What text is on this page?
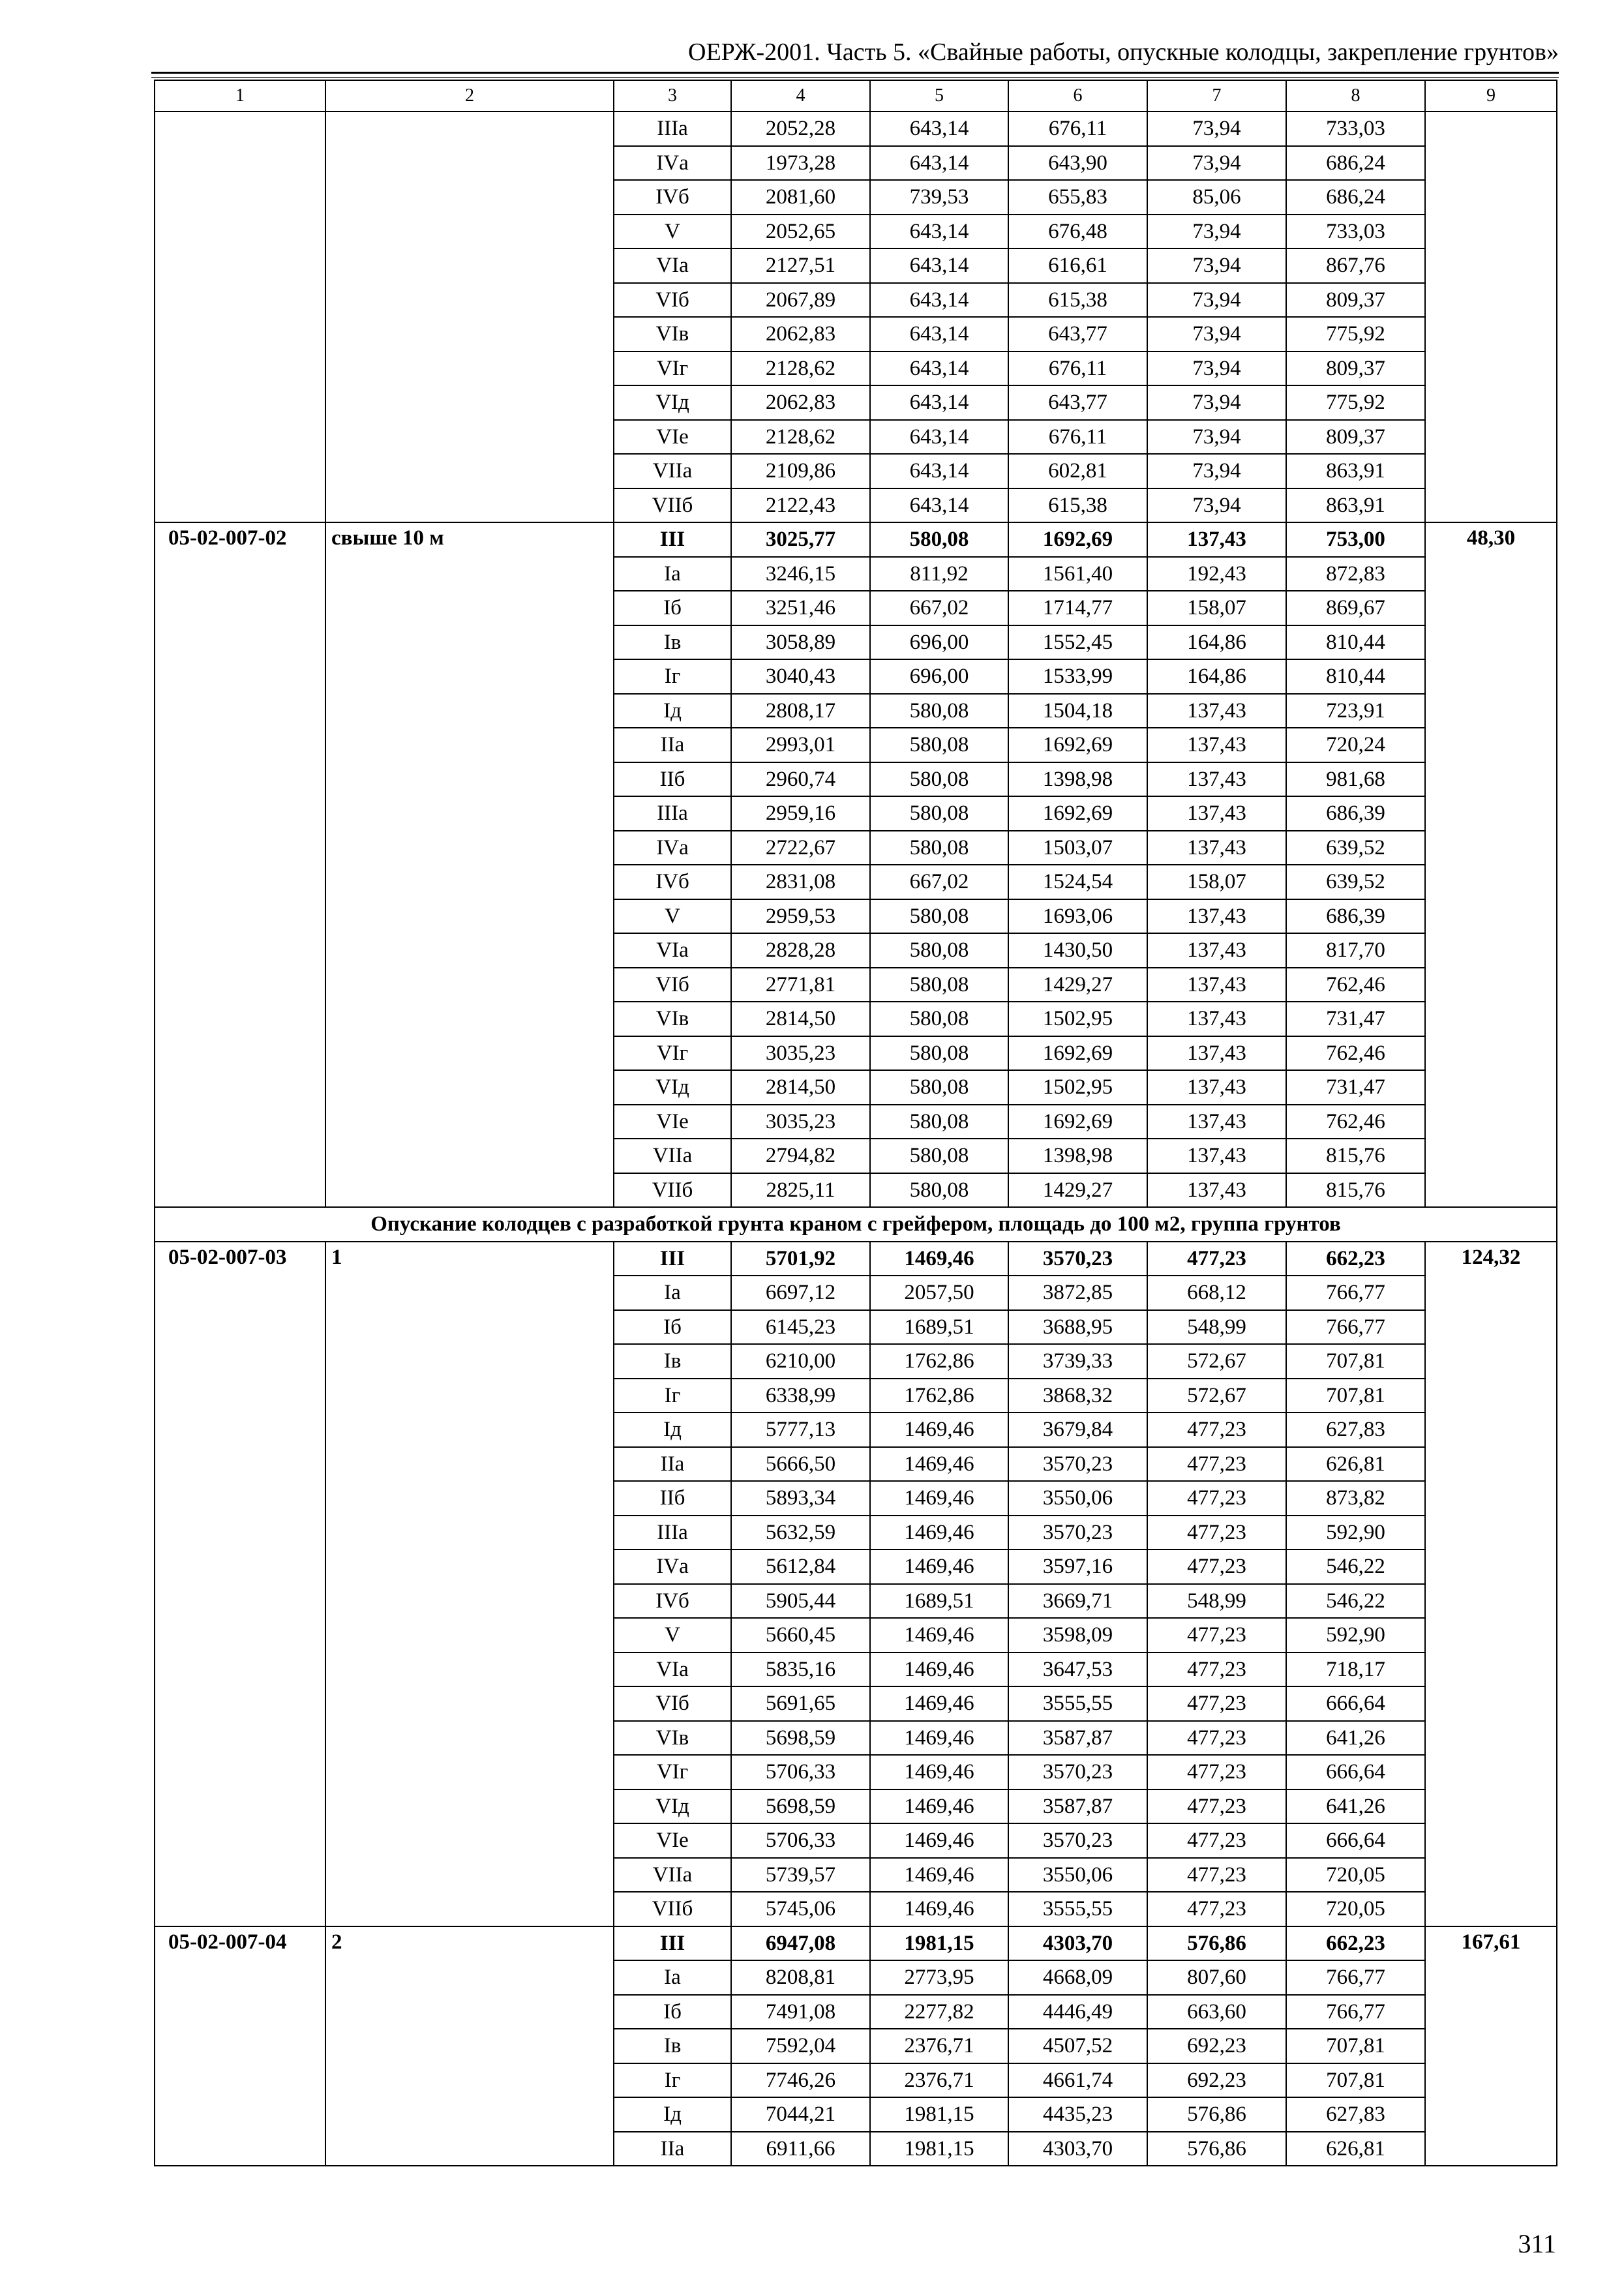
ОЕРЖ-2001. Часть 5. «Свайные работы, опускные колодцы, закрепление грунтов»
1	2	3	4	5	6	7	8	9
		IIIа	2052,28	643,14	676,11	73,94	733,03	
		IVа	1973,28	643,14	643,90	73,94	686,24	
		IVб	2081,60	739,53	655,83	85,06	686,24	
		V	2052,65	643,14	676,48	73,94	733,03	
		VIа	2127,51	643,14	616,61	73,94	867,76	
		VIб	2067,89	643,14	615,38	73,94	809,37	
		VIв	2062,83	643,14	643,77	73,94	775,92	
		VIг	2128,62	643,14	676,11	73,94	809,37	
		VIд	2062,83	643,14	643,77	73,94	775,92	
		VIе	2128,62	643,14	676,11	73,94	809,37	
		VIIа	2109,86	643,14	602,81	73,94	863,91	
		VIIб	2122,43	643,14	615,38	73,94	863,91	
05-02-007-02	свыше 10 м	III	3025,77	580,08	1692,69	137,43	753,00	48,30
		Iа	3246,15	811,92	1561,40	192,43	872,83	
		Iб	3251,46	667,02	1714,77	158,07	869,67	
		Iв	3058,89	696,00	1552,45	164,86	810,44	
		Iг	3040,43	696,00	1533,99	164,86	810,44	
		Iд	2808,17	580,08	1504,18	137,43	723,91	
		IIа	2993,01	580,08	1692,69	137,43	720,24	
		IIб	2960,74	580,08	1398,98	137,43	981,68	
		IIIа	2959,16	580,08	1692,69	137,43	686,39	
		IVа	2722,67	580,08	1503,07	137,43	639,52	
		IVб	2831,08	667,02	1524,54	158,07	639,52	
		V	2959,53	580,08	1693,06	137,43	686,39	
		VIа	2828,28	580,08	1430,50	137,43	817,70	
		VIб	2771,81	580,08	1429,27	137,43	762,46	
		VIв	2814,50	580,08	1502,95	137,43	731,47	
		VIг	3035,23	580,08	1692,69	137,43	762,46	
		VIд	2814,50	580,08	1502,95	137,43	731,47	
		VIе	3035,23	580,08	1692,69	137,43	762,46	
		VIIа	2794,82	580,08	1398,98	137,43	815,76	
		VIIб	2825,11	580,08	1429,27	137,43	815,76	
Опускание колодцев с разработкой грунта краном с грейфером, площадь до 100 м2, группа грунтов								
05-02-007-03	1	III	5701,92	1469,46	3570,23	477,23	662,23	124,32
		Iа	6697,12	2057,50	3872,85	668,12	766,77	
		Iб	6145,23	1689,51	3688,95	548,99	766,77	
		Iв	6210,00	1762,86	3739,33	572,67	707,81	
		Iг	6338,99	1762,86	3868,32	572,67	707,81	
		Iд	5777,13	1469,46	3679,84	477,23	627,83	
		IIа	5666,50	1469,46	3570,23	477,23	626,81	
		IIб	5893,34	1469,46	3550,06	477,23	873,82	
		IIIа	5632,59	1469,46	3570,23	477,23	592,90	
		IVа	5612,84	1469,46	3597,16	477,23	546,22	
		IVб	5905,44	1689,51	3669,71	548,99	546,22	
		V	5660,45	1469,46	3598,09	477,23	592,90	
		VIа	5835,16	1469,46	3647,53	477,23	718,17	
		VIб	5691,65	1469,46	3555,55	477,23	666,64	
		VIв	5698,59	1469,46	3587,87	477,23	641,26	
		VIг	5706,33	1469,46	3570,23	477,23	666,64	
		VIд	5698,59	1469,46	3587,87	477,23	641,26	
		VIе	5706,33	1469,46	3570,23	477,23	666,64	
		VIIа	5739,57	1469,46	3550,06	477,23	720,05	
		VIIб	5745,06	1469,46	3555,55	477,23	720,05	
05-02-007-04	2	III	6947,08	1981,15	4303,70	576,86	662,23	167,61
		Iа	8208,81	2773,95	4668,09	807,60	766,77	
		Iб	7491,08	2277,82	4446,49	663,60	766,77	
		Iв	7592,04	2376,71	4507,52	692,23	707,81	
		Iг	7746,26	2376,71	4661,74	692,23	707,81	
		Iд	7044,21	1981,15	4435,23	576,86	627,83	
		IIа	6911,66	1981,15	4303,70	576,86	626,81	
311
